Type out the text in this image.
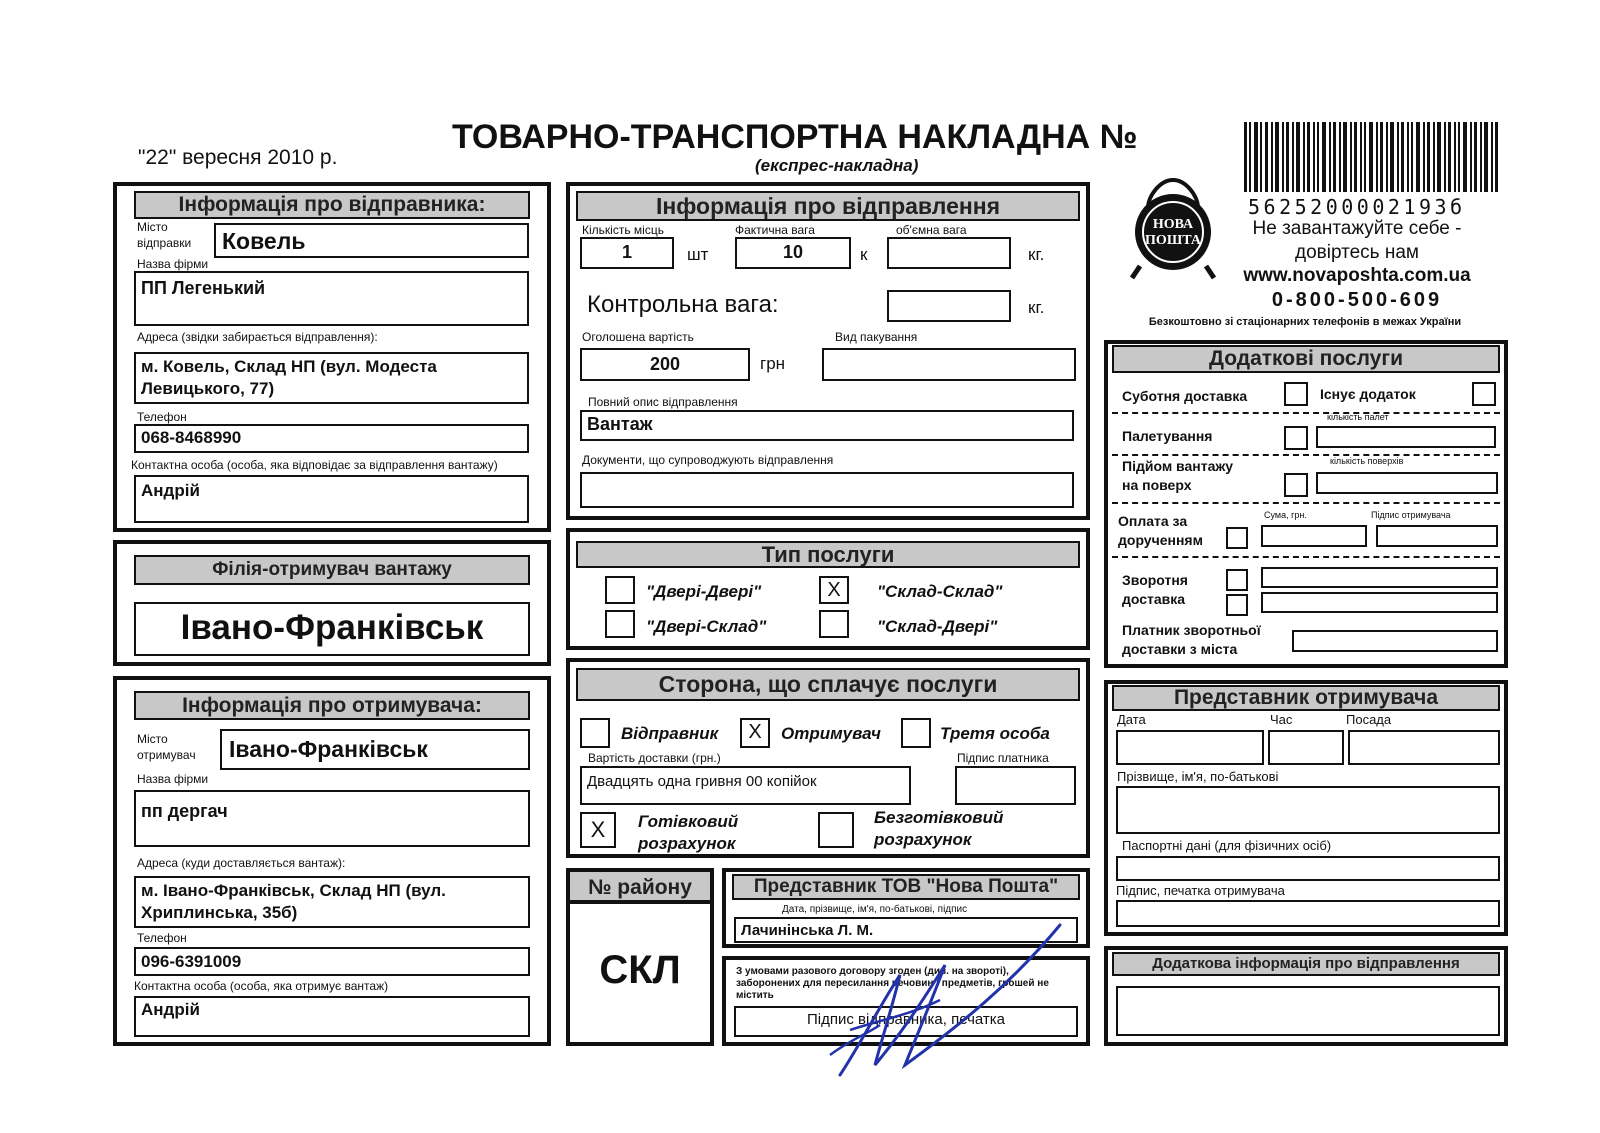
"22" вересня 2010 р.
ТОВАРНО-ТРАНСПОРТНА НАКЛАДНА №
(експрес-накладна)
5625200002193б
НОВА
ПОШТА
Не завантажуйте себе -
довіртесь нам
www.novaposhta.com.ua
0-800-500-609
Безкоштовно зі стаціонарних телефонів в межах України
Інформація про відправника:
Місто
відправки Ковель
Назва фірми
ПП Легенький
Адреса (звідки забирається відправлення):
м. Ковель, Склад НП (вул. Модеста
Левицького, 77)
Телефон
068-8468990
Контактна особа (особа, яка відповідає за відправлення вантажу)
Андрій
Філія-отримувач вантажу
Івано-Франківськ
Інформація про отримувача:
Місто
отримувач Івано-Франківськ
Назва фірми
пп дергач
Адреса (куди доставляється вантаж):
м. Івано-Франківськ, Склад НП (вул.
Хриплинська, 35б)
Телефон
096-6391009
Контактна особа (особа, яка отримує вантаж)
Андрій
Інформація про відправлення
Кількість місць	Фактична вага	об'ємна вага
1	шт	10	к	кг.
Контрольна вага:	кг.
Оголошена вартість	Вид пакування
200	грн
Повний опис відправлення
Вантаж
Документи, що супроводжують відправлення
Тип послуги
"Двері-Двері"	X	"Склад-Склад"
"Двері-Склад"	"Склад-Двері"
Сторона, що сплачує послуги
Відправник	X	Отримувач	Третя особа
Вартість доставки (грн.)	Підпис платника
Двадцять одна гривня 00 копійок
X	Готівковий
розрахунок
Безготівковий
розрахунок
№ району
СКЛ
Представник ТОВ "Нова Пошта"
Дата, прізвище, ім'я, по-батькові, підпис
Лачинінська Л. М.
З умовами разового договору згоден (див. на звороті),
заборонених для пересилання речовин і предметів, грошей не
містить
Підпис відправника, печатка
Додаткові послуги
Суботня доставка	Існує додаток
кількість палет
Палетування
кількість поверхів
Підйом вантажу
на поверх
Оплата за
дорученням
Сума, грн.	Підпис отримувача
Зворотня
доставка
Платник зворотньої
доставки з міста
Представник отримувача
Дата	Час	Посада
Прізвище, ім'я, по-батькові
Паспортні дані (для фізичних осіб)
Підпис, печатка отримувача
Додаткова інформація про відправлення
